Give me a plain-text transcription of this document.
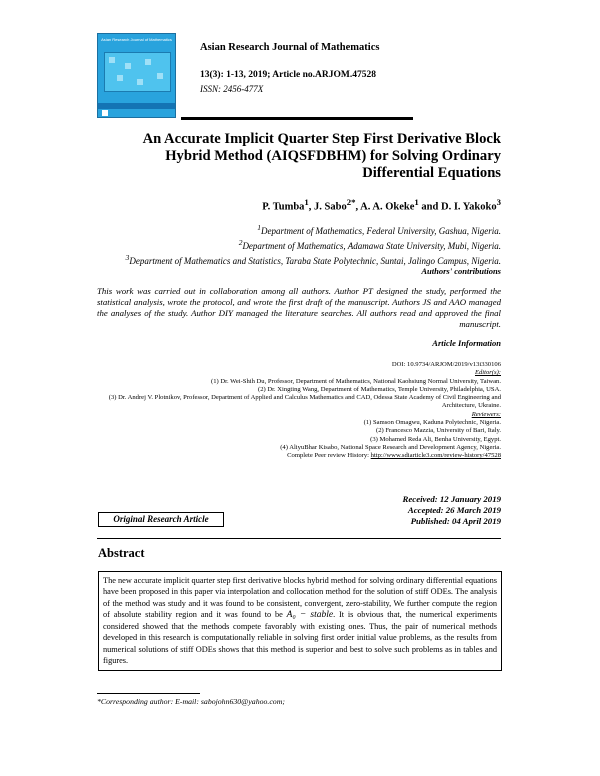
Asian Research Journal of Mathematics
Asian Research Journal of Mathematics
13(3): 1-13, 2019; Article no.ARJOM.47528
ISSN: 2456-477X
An Accurate Implicit Quarter Step First Derivative Block
Hybrid Method (AIQSFDBHM) for Solving Ordinary
Differential Equations
P. Tumba$^1$, J. Sabo$^{2*}$, A. A. Okeke$^1$ and D. I. Yakoko$^3$
$^1$Department of Mathematics, Federal University, Gashua, Nigeria.
$^2$Department of Mathematics, Adamawa State University, Mubi, Nigeria.
$^3$Department of Mathematics and Statistics, Taraba State Polytechnic, Suntai, Jalingo Campus, Nigeria.
Authors' contributions
This work was carried out in collaboration among all authors. Author PT designed the study, performed the statistical analysis, wrote the protocol, and wrote the first draft of the manuscript. Authors JS and AAO managed the analyses of the study. Author DIY managed the literature searches. All authors read and approved the final manuscript.
Article Information
DOI: 10.9734/ARJOM/2019/v13i330106
Editor(s):
(1) Dr. Wei-Shih Du, Professor, Department of Mathematics, National Kaohsiung Normal University, Taiwan.
(2) Dr. Xingting Wang, Department of Mathematics, Temple University, Philadelphia, USA.
(3) Dr. Andrej V. Plotnikov, Professor, Department of Applied and Calculus Mathematics and CAD, Odessa State Academy of Civil Engineering and Architecture, Ukraine.
Reviewers:
(1) Samson Omagwu, Kaduna Polytechnic, Nigeria.
(2) Francesco Mazzia, University of Bari, Italy.
(3) Mohamed Reda Ali, Benha University, Egypt.
(4) AliyuBhar Kisabo, National Space Research and Development Agency, Nigeria.
Complete Peer review History: http://www.sdiarticle3.com/review-history/47528
Received: 12 January 2019
Accepted: 26 March 2019
Published: 04 April 2019
Original Research Article
Abstract
The new accurate implicit quarter step first derivative blocks hybrid method for solving ordinary differential equations have been proposed in this paper via interpolation and collocation method for the solution of stiff ODEs. The analysis of the method was study and it was found to be consistent, convergent, zero-stability, We further compute the region of absolute stability region and it was found to be A₀ − stable. It is obvious that, the numerical experiments considered showed that the methods compete favorably with existing ones. Thus, the pair of numerical methods developed in this research is computationally reliable in solving first order initial value problems, as the results from numerical solutions of stiff ODEs shows that this method is superior and best to solve such problems as in tables and figures.
*Corresponding author: E-mail: sabojohn630@yahoo.com;
